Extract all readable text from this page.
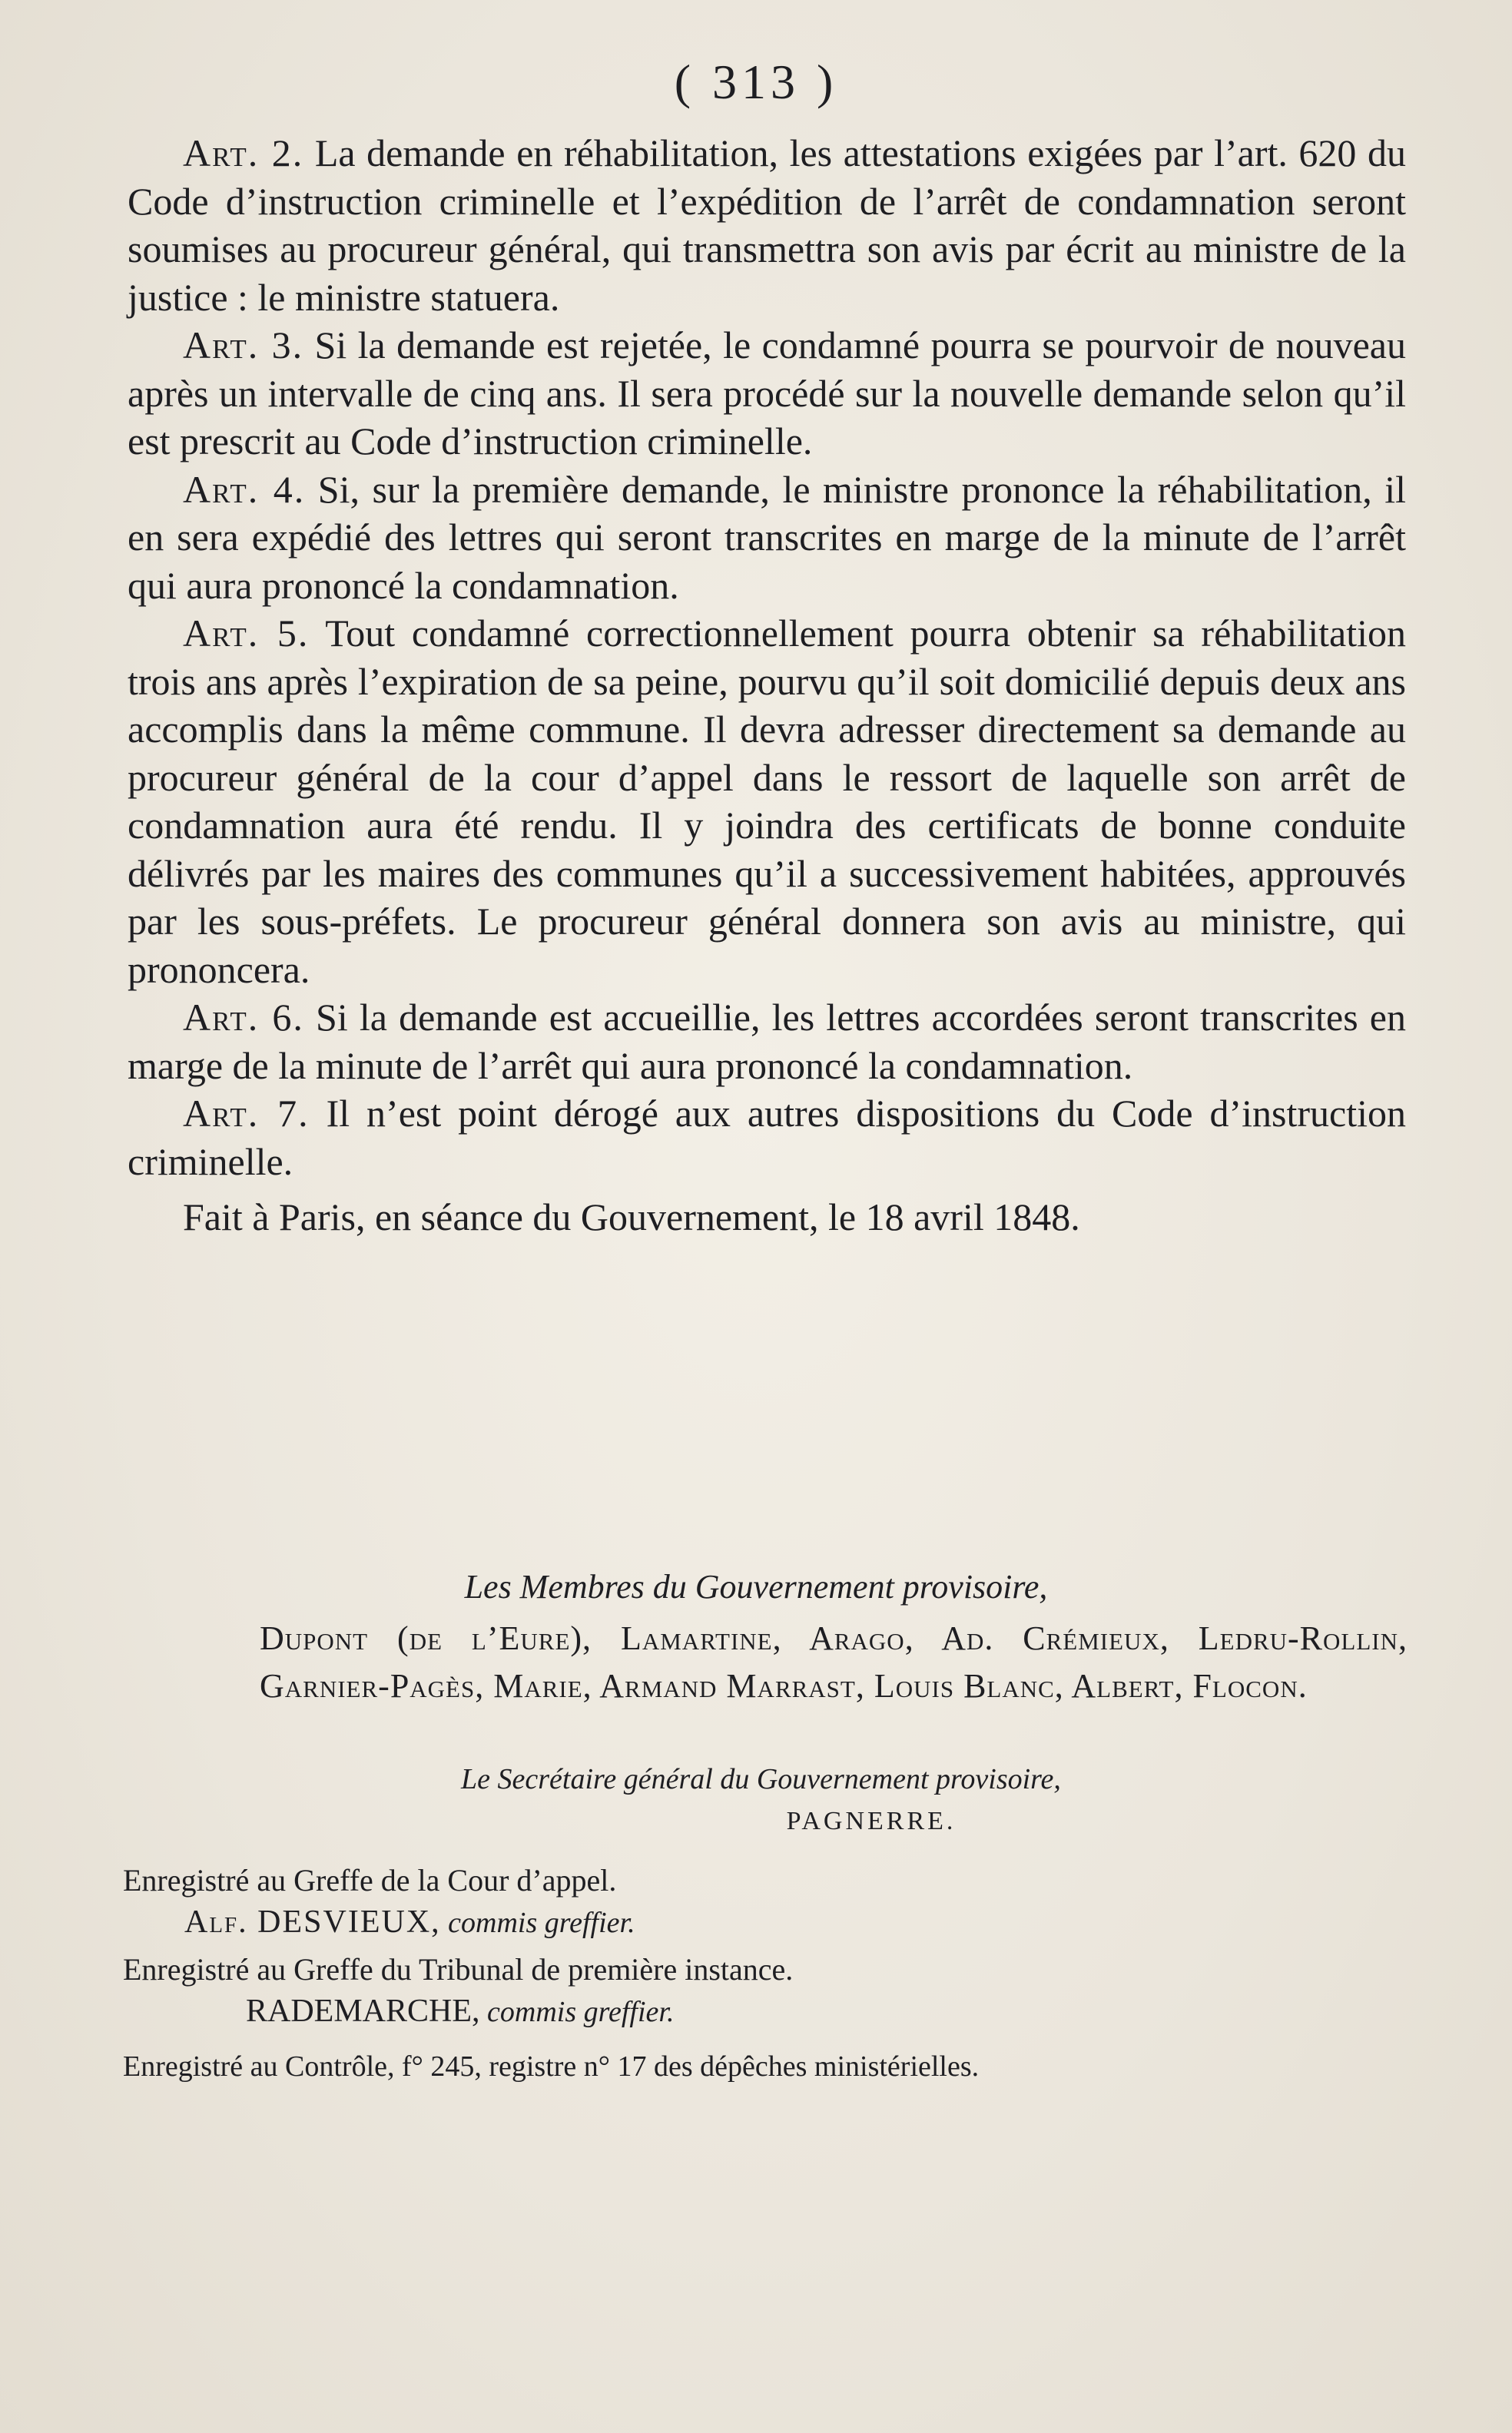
( 313 )

Art. 2. La demande en réhabilitation, les attestations exigées par l’art. 620 du Code d’instruction criminelle et l’expédition de l’arrêt de condamnation seront soumises au procureur général, qui transmettra son avis par écrit au ministre de la justice : le ministre statuera.

Art. 3. Si la demande est rejetée, le condamné pourra se pourvoir de nouveau après un intervalle de cinq ans. Il sera procédé sur la nouvelle demande selon qu’il est prescrit au Code d’instruction criminelle.

Art. 4. Si, sur la première demande, le ministre prononce la réhabilitation, il en sera expédié des lettres qui seront transcrites en marge de la minute de l’arrêt qui aura prononcé la condamnation.

Art. 5. Tout condamné correctionnellement pourra obtenir sa réhabilitation trois ans après l’expiration de sa peine, pourvu qu’il soit domicilié depuis deux ans accomplis dans la même commune. Il devra adresser directement sa demande au procureur général de la cour d’appel dans le ressort de laquelle son arrêt de condamnation aura été rendu. Il y joindra des certificats de bonne conduite délivrés par les maires des communes qu’il a successivement habitées, approuvés par les sous-préfets. Le procureur général donnera son avis au ministre, qui prononcera.

Art. 6. Si la demande est accueillie, les lettres accordées seront transcrites en marge de la minute de l’arrêt qui aura prononcé la condamnation.

Art. 7. Il n’est point dérogé aux autres dispositions du Code d’instruction criminelle.

Fait à Paris, en séance du Gouvernement, le 18 avril 1848.

Les Membres du Gouvernement provisoire,
Dupont (de l’Eure), Lamartine, Arago, Ad. Crémieux, Ledru-Rollin, Garnier-Pagès, Marie, Armand Marrast, Louis Blanc, Albert, Flocon.
Le Secrétaire général du Gouvernement provisoire,
PAGNERRE.
Enregistré au Greffe de la Cour d’appel.
Alf. DESVIEUX, commis greffier.
Enregistré au Greffe du Tribunal de première instance.
RADEMARCHE, commis greffier.
Enregistré au Contrôle, f° 245, registre n° 17 des dépêches ministérielles.
